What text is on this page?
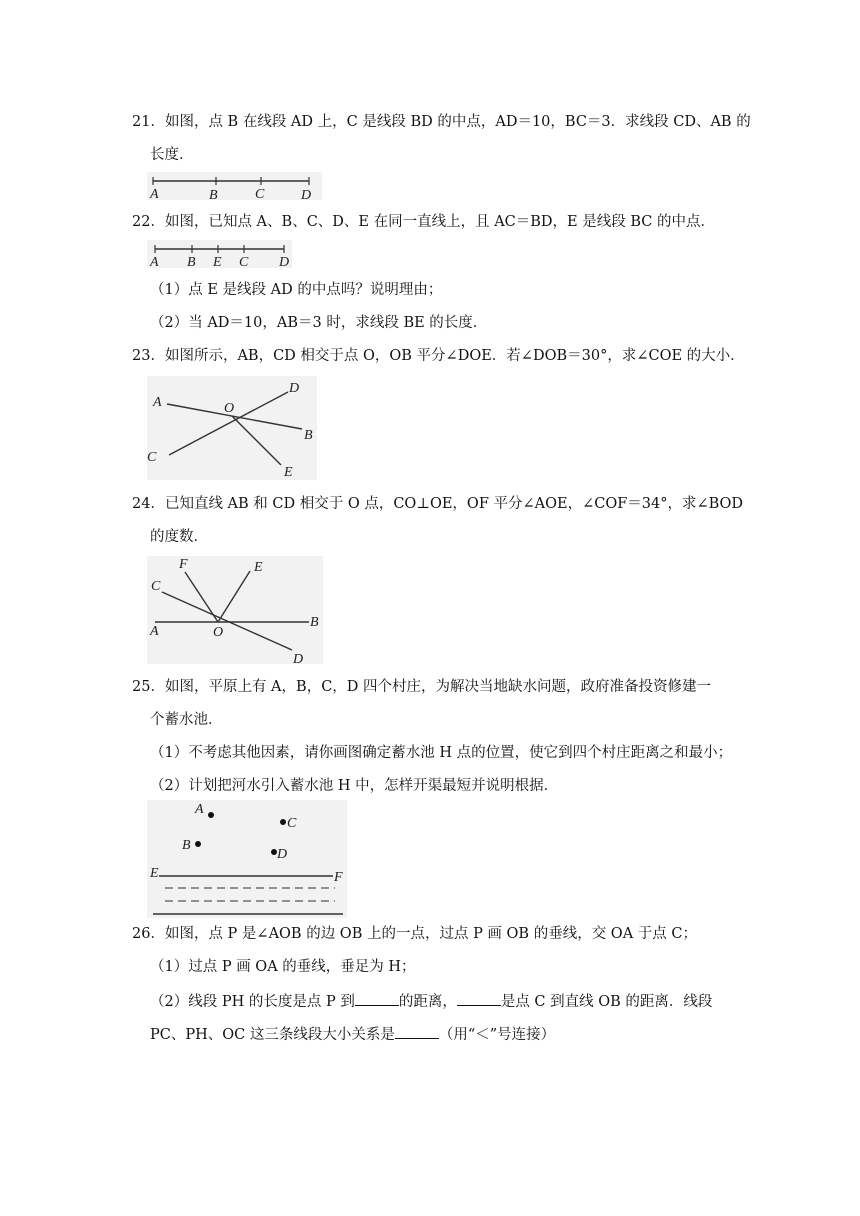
21．如图，点 B 在线段 AD 上，C 是线段 BD 的中点，AD＝10，BC＝3．求线段 CD、AB 的
长度．
A	B	C	D
22．如图，已知点 A、B、C、D、E 在同一直线上，且 AC＝BD，E 是线段 BC 的中点．
A B E C D
（1）点 E 是线段 AD 的中点吗？说明理由；
（2）当 AD＝10，AB＝3 时，求线段 BE 的长度．
23．如图所示，AB，CD 相交于点 O，OB 平分∠DOE．若∠DOB＝30°，求∠COE 的大小．
A	O
D
B
C
E
24．已知直线 AB 和 CD 相交于 O 点，CO⊥OE，OF 平分∠AOE，∠COF＝34°，求∠BOD
的度数．
F	E
C
A	O
B
D
25．如图，平原上有 A，B，C，D 四个村庄，为解决当地缺水问题，政府准备投资修建一
个蓄水池．
（1）不考虑其他因素，请你画图确定蓄水池 H 点的位置，使它到四个村庄距离之和最小；
（2）计划把河水引入蓄水池 H 中，怎样开渠最短并说明根据．
A
C
B
D
E	F
26．如图，点 P 是∠AOB 的边 OB 上的一点，过点 P 画 OB 的垂线，交 OA 于点 C；
（1）过点 P 画 OA 的垂线，垂足为 H；
（2）线段 PH 的长度是点 P 到	的距离，	是点 C 到直线 OB 的距离．线段
PC、PH、OC 这三条线段大小关系是	（用“＜”号连接）
